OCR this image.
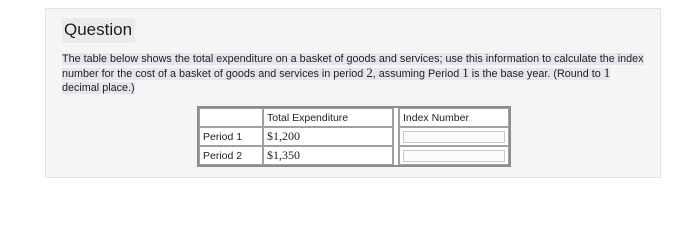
Question
The table below shows the total expenditure on a basket of goods and services; use this information to calculate the index number for the cost of a basket of goods and services in period 2, assuming Period 1 is the base year. (Round to 1 decimal place.)
	Total Expenditure		Index Number
Period 1	$1,200		

Period 2	$1,350		
